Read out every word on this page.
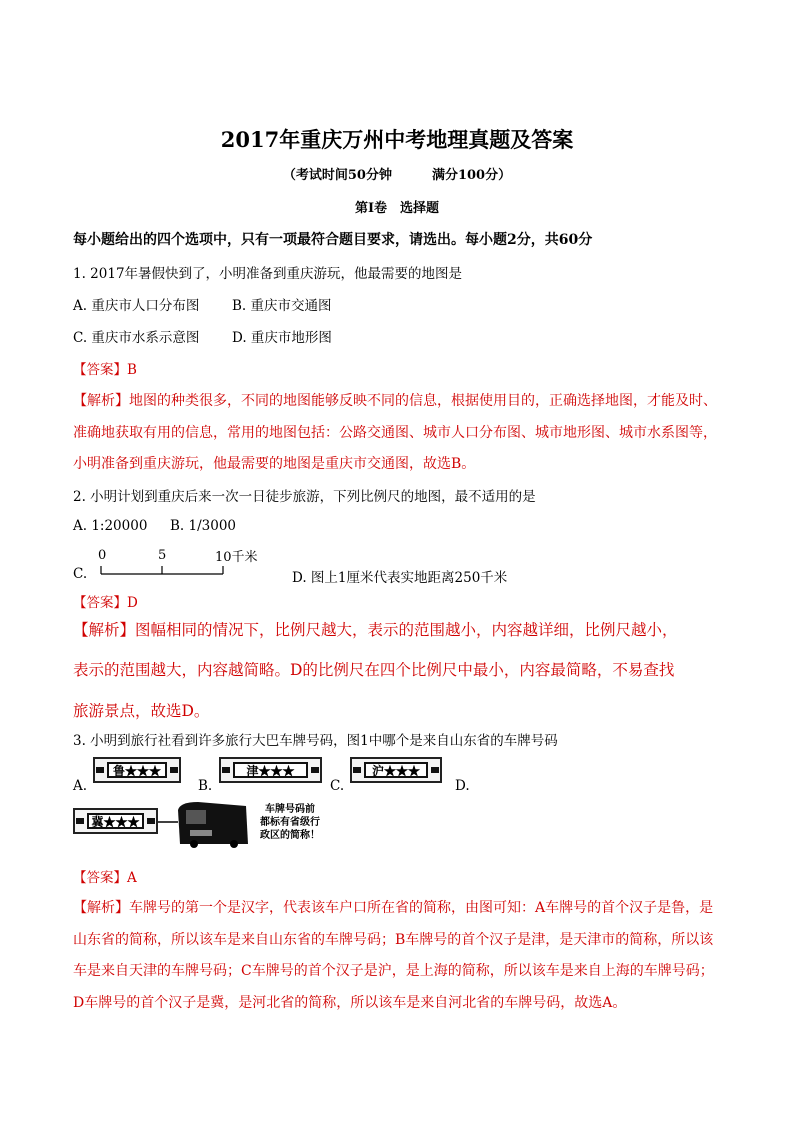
2017年重庆万州中考地理真题及答案
（考试时间50分钟	满分100分）
第Ⅰ卷　选择题
每小题给出的四个选项中，只有一项最符合题目要求，请选出。每小题2分，共60分
1. 2017年暑假快到了，小明准备到重庆游玩，他最需要的地图是
A. 重庆市人口分布图 B. 重庆市交通图
C. 重庆市水系示意图 D. 重庆市地形图
【答案】B
【解析】地图的种类很多，不同的地图能够反映不同的信息，根据使用目的，正确选择地图，才能及时、
准确地获取有用的信息，常用的地图包括：公路交通图、城市人口分布图、城市地形图、城市水系图等，
小明准备到重庆游玩，他最需要的地图是重庆市交通图，故选B。
2. 小明计划到重庆后来一次一日徒步旅游，下列比例尺的地图，最不适用的是
A. 1:20000 B. 1/3000
C.
0	5	10千米
D. 图上1厘米代表实地距离250千米
【答案】D
【解析】图幅相同的情况下，比例尺越大，表示的范围越小，内容越详细，比例尺越小，
表示的范围越大，内容越简略。D的比例尺在四个比例尺中最小，内容最简略，不易查找
旅游景点，故选D。
3. 小明到旅行社看到许多旅行大巴车牌号码，图1中哪个是来自山东省的车牌号码
A.
鲁★★★
B.
津★★★
C.
沪★★★
D.
冀★★★
车牌号码前
都标有省级行
政区的简称！
【答案】A
【解析】车牌号的第一个是汉字，代表该车户口所在省的简称，由图可知：A车牌号的首个汉子是鲁，是
山东省的简称，所以该车是来自山东省的车牌号码；B车牌号的首个汉子是津，是天津市的简称，所以该
车是来自天津的车牌号码；C车牌号的首个汉子是沪，是上海的简称，所以该车是来自上海的车牌号码；
D车牌号的首个汉子是冀，是河北省的简称，所以该车是来自河北省的车牌号码，故选A。
